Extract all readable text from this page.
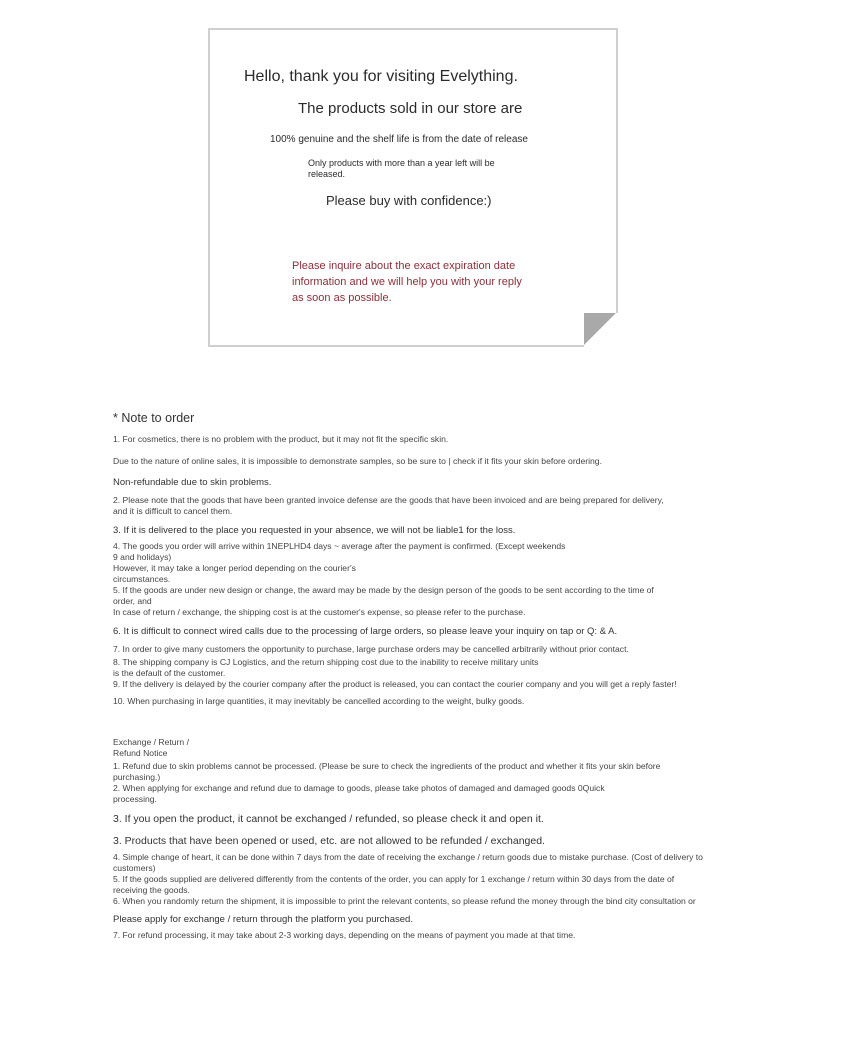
Hello, thank you for visiting Evelything.
The products sold in our store are
100% genuine and the shelf life is from the date of release
Only products with more than a year left will be released.
Please buy with confidence:)
Please inquire about the exact expiration date information and we will help you with your reply as soon as possible.

* Note to order

1. For cosmetics, there is no problem with the product, but it may not fit the specific skin.

Due to the nature of online sales, it is impossible to demonstrate samples, so be sure to | check if it fits your skin before ordering.

Non-refundable due to skin problems.

2. Please note that the goods that have been granted invoice defense are the goods that have been invoiced and are being prepared for delivery, and it is difficult to cancel them.

3. If it is delivered to the place you requested in your absence, we will not be liable1 for the loss.

4. The goods you order will arrive within 1NEPLHD4 days ~ average after the payment is confirmed. (Except weekends 9 and holidays)

However, it may take a longer period depending on the courier's circumstances.

5. If the goods are under new design or change, the award may be made by the design person of the goods to be sent according to the time of order, and

In case of return / exchange, the shipping cost is at the customer's expense, so please refer to the purchase.

6. It is difficult to connect wired calls due to the processing of large orders, so please leave your inquiry on tap or Q: & A.

7. In order to give many customers the opportunity to purchase, large purchase orders may be cancelled arbitrarily without prior contact.

8. The shipping company is CJ Logistics, and the return shipping cost due to the inability to receive military units is the default of the customer.

9. If the delivery is delayed by the courier company after the product is released, you can contact the courier company and you will get a reply faster!

10. When purchasing in large quantities, it may inevitably be cancelled according to the weight, bulky goods.

Exchange / Return /

Refund Notice

1. Refund due to skin problems cannot be processed. (Please be sure to check the ingredients of the product and whether it fits your skin before purchasing.)

2. When applying for exchange and refund due to damage to goods, please take photos of damaged and damaged goods 0Quick processing.

3. If you open the product, it cannot be exchanged / refunded, so please check it and open it.

3. Products that have been opened or used, etc. are not allowed to be refunded / exchanged.

4. Simple change of heart, it can be done within 7 days from the date of receiving the exchange / return goods due to mistake purchase. (Cost of delivery to customers)

5. If the goods supplied are delivered differently from the contents of the order, you can apply for 1 exchange / return within 30 days from the date of receiving the goods.

6. When you randomly return the shipment, it is impossible to print the relevant contents, so please refund the money through the bind city consultation or

Please apply for exchange / return through the platform you purchased.

7. For refund processing, it may take about 2-3 working days, depending on the means of payment you made at that time.
